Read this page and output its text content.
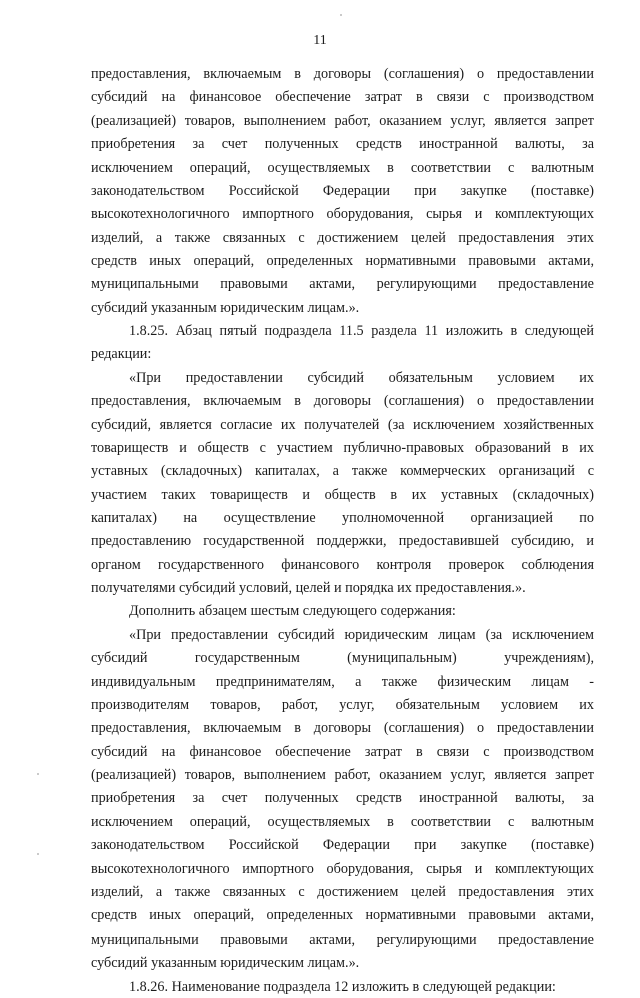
11
предоставления, включаемым в договоры (соглашения) о предоставлении
субсидий на финансовое обеспечение затрат в связи с производством
(реализацией) товаров, выполнением работ, оказанием услуг, является запрет
приобретения за счет полученных средств иностранной валюты, за
исключением операций, осуществляемых в соответствии с валютным
законодательством Российской Федерации при закупке (поставке)
высокотехнологичного импортного оборудования, сырья и комплектующих
изделий, а также связанных с достижением целей предоставления этих
средств иных операций, определенных нормативными правовыми актами,
муниципальными правовыми актами, регулирующими предоставление
субсидий указанным юридическим лицам.».
1.8.25. Абзац пятый подраздела 11.5 раздела 11 изложить в следующей
редакции:
«При предоставлении субсидий обязательным условием их
предоставления, включаемым в договоры (соглашения) о предоставлении
субсидий, является согласие их получателей (за исключением хозяйственных
товариществ и обществ с участием публично-правовых образований в их
уставных (складочных) капиталах, а также коммерческих организаций с
участием таких товариществ и обществ в их уставных (складочных)
капиталах) на осуществление уполномоченной организацией по
предоставлению государственной поддержки, предоставившей субсидию, и
органом государственного финансового контроля проверок соблюдения
получателями субсидий условий, целей и порядка их предоставления.».
Дополнить абзацем шестым следующего содержания:
«При предоставлении субсидий юридическим лицам (за исключением
субсидий государственным (муниципальным) учреждениям),
индивидуальным предпринимателям, а также физическим лицам -
производителям товаров, работ, услуг, обязательным условием их
предоставления, включаемым в договоры (соглашения) о предоставлении
субсидий на финансовое обеспечение затрат в связи с производством
(реализацией) товаров, выполнением работ, оказанием услуг, является запрет
приобретения за счет полученных средств иностранной валюты, за
исключением операций, осуществляемых в соответствии с валютным
законодательством Российской Федерации при закупке (поставке)
высокотехнологичного импортного оборудования, сырья и комплектующих
изделий, а также связанных с достижением целей предоставления этих
средств иных операций, определенных нормативными правовыми актами,
муниципальными правовыми актами, регулирующими предоставление
субсидий указанным юридическим лицам.».
1.8.26. Наименование подраздела 12 изложить в следующей редакции:
